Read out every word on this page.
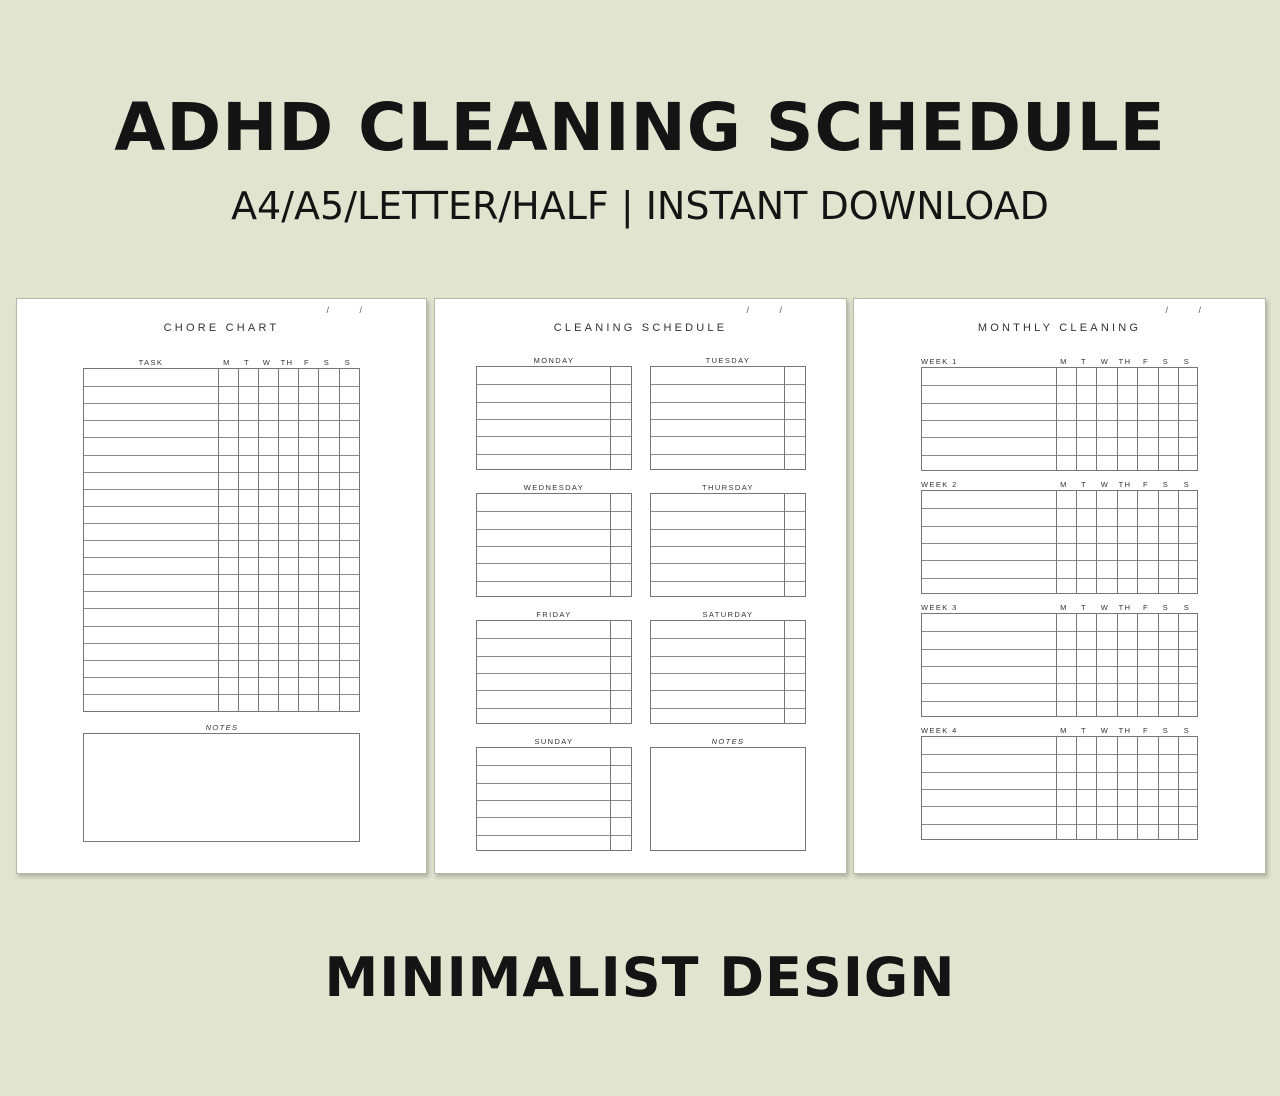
ADHD CLEANING SCHEDULE
A4/A5/LETTER/HALF | INSTANT DOWNLOAD
/ /
CHORE CHART
TASK	M	T	W	TH	F	S	S
NOTES
/ /
CLEANING SCHEDULE
MONDAY	TUESDAY
WEDNESDAY	THURSDAY
FRIDAY	SATURDAY
SUNDAY	NOTES
/ /
MONTHLY CLEANING
WEEK 1	M	T	W	TH	F	S	S
WEEK 2	M	T	W	TH	F	S	S
WEEK 3	M	T	W	TH	F	S	S
WEEK 4	M	T	W	TH	F	S	S
MINIMALIST DESIGN
